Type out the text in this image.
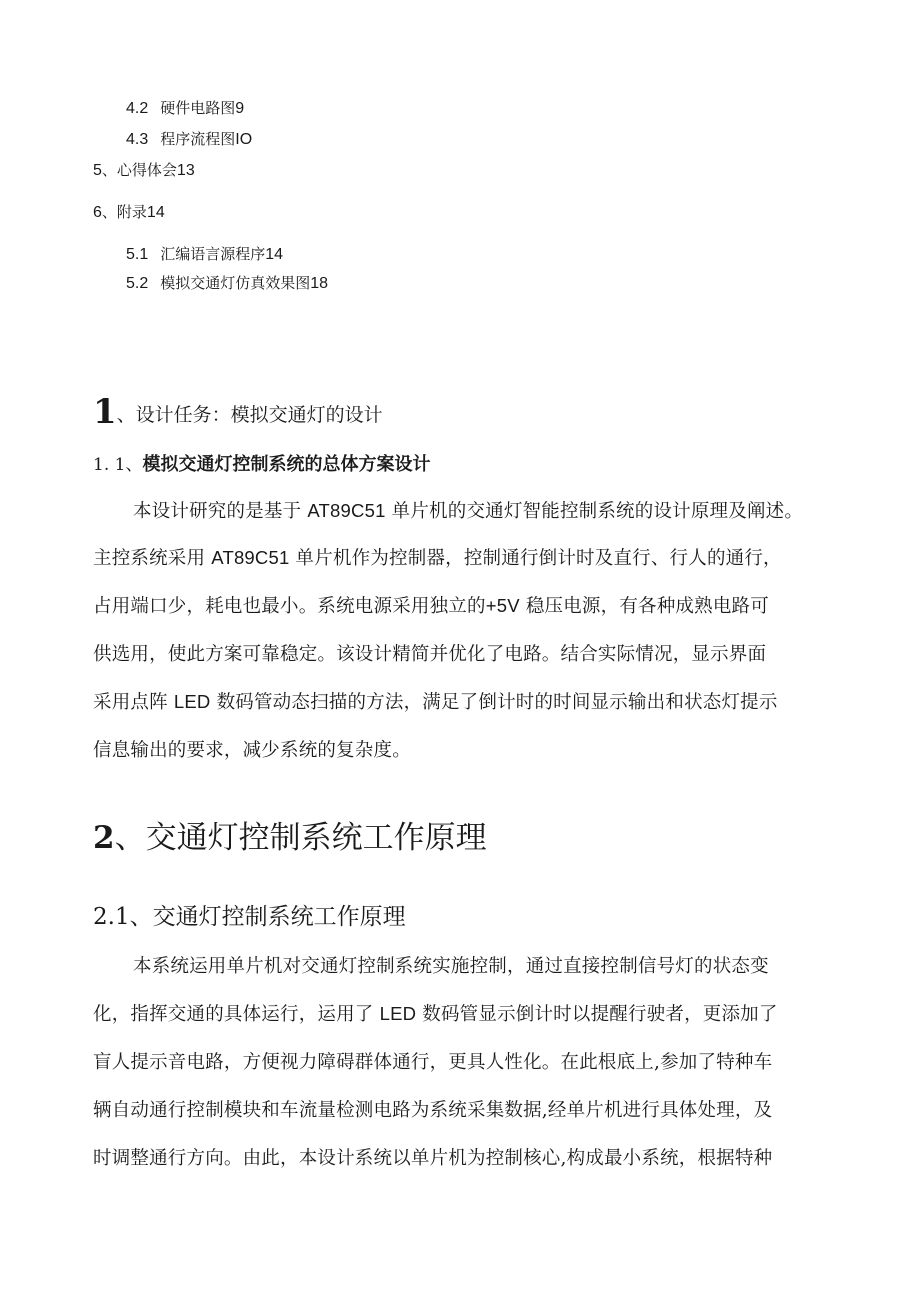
4.2 硬件电路图9
4.3 程序流程图IO
5、心得体会13
6、附录14
5.1 汇编语言源程序14
5.2 模拟交通灯仿真效果图18
1、设计任务：模拟交通灯的设计
1. 1、模拟交通灯控制系统的总体方案设计
本设计研究的是基于 AT89C51 单片机的交通灯智能控制系统的设计原理及阐述。
主控系统采用 AT89C51 单片机作为控制器，控制通行倒计时及直行、行人的通行，
占用端口少，耗电也最小。系统电源采用独立的+5V 稳压电源，有各种成熟电路可
供选用，使此方案可靠稳定。该设计精简并优化了电路。结合实际情况，显示界面
采用点阵 LED 数码管动态扫描的方法，满足了倒计时的时间显示输出和状态灯提示
信息输出的要求，减少系统的复杂度。
2、交通灯控制系统工作原理
2.1、交通灯控制系统工作原理
本系统运用单片机对交通灯控制系统实施控制，通过直接控制信号灯的状态变
化，指挥交通的具体运行，运用了 LED 数码管显示倒计时以提醒行驶者，更添加了
盲人提示音电路，方便视力障碍群体通行，更具人性化。在此根底上,参加了特种车
辆自动通行控制模块和车流量检测电路为系统采集数据,经单片机进行具体处理，及
时调整通行方向。由此，本设计系统以单片机为控制核心,构成最小系统，根据特种
